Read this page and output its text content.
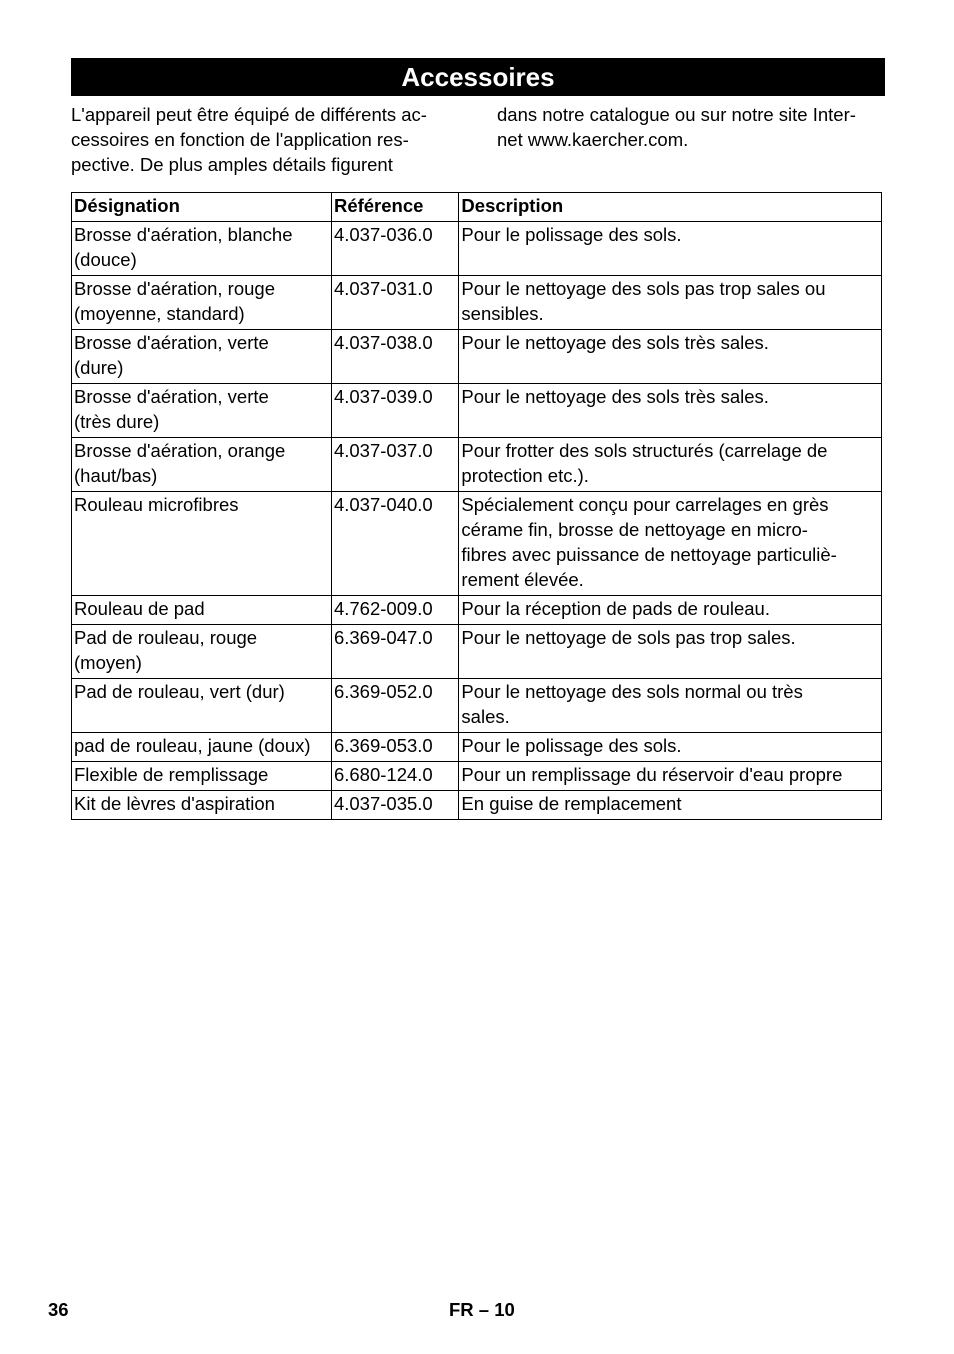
Accessoires
L'appareil peut être équipé de différents ac-
cessoires en fonction de l'application res-
pective. De plus amples détails figurent
dans notre catalogue ou sur notre site Inter-
net www.kaercher.com.
Désignation	Référence	Description

Brosse d'aération, blanche
(douce)	4.037-036.0	Pour le polissage des sols.

Brosse d'aération, rouge
(moyenne, standard)	4.037-031.0	Pour le nettoyage des sols pas trop sales ou
sensibles.

Brosse d'aération, verte
(dure)	4.037-038.0	Pour le nettoyage des sols très sales.

Brosse d'aération, verte
(très dure)	4.037-039.0	Pour le nettoyage des sols très sales.

Brosse d'aération, orange
(haut/bas)	4.037-037.0	Pour frotter des sols structurés (carrelage de
protection etc.).

Rouleau microfibres	4.037-040.0	Spécialement conçu pour carrelages en grès
cérame fin, brosse de nettoyage en micro-
fibres avec puissance de nettoyage particuliè-
rement élevée.

Rouleau de pad	4.762-009.0	Pour la réception de pads de rouleau.

Pad de rouleau, rouge
(moyen)	6.369-047.0	Pour le nettoyage de sols pas trop sales.

Pad de rouleau, vert (dur)	6.369-052.0	Pour le nettoyage des sols normal ou très
sales.

pad de rouleau, jaune (doux)	6.369-053.0	Pour le polissage des sols.

Flexible de remplissage	6.680-124.0	Pour un remplissage du réservoir d'eau propre

Kit de lèvres d'aspiration	4.037-035.0	En guise de remplacement
36	FR – 10
